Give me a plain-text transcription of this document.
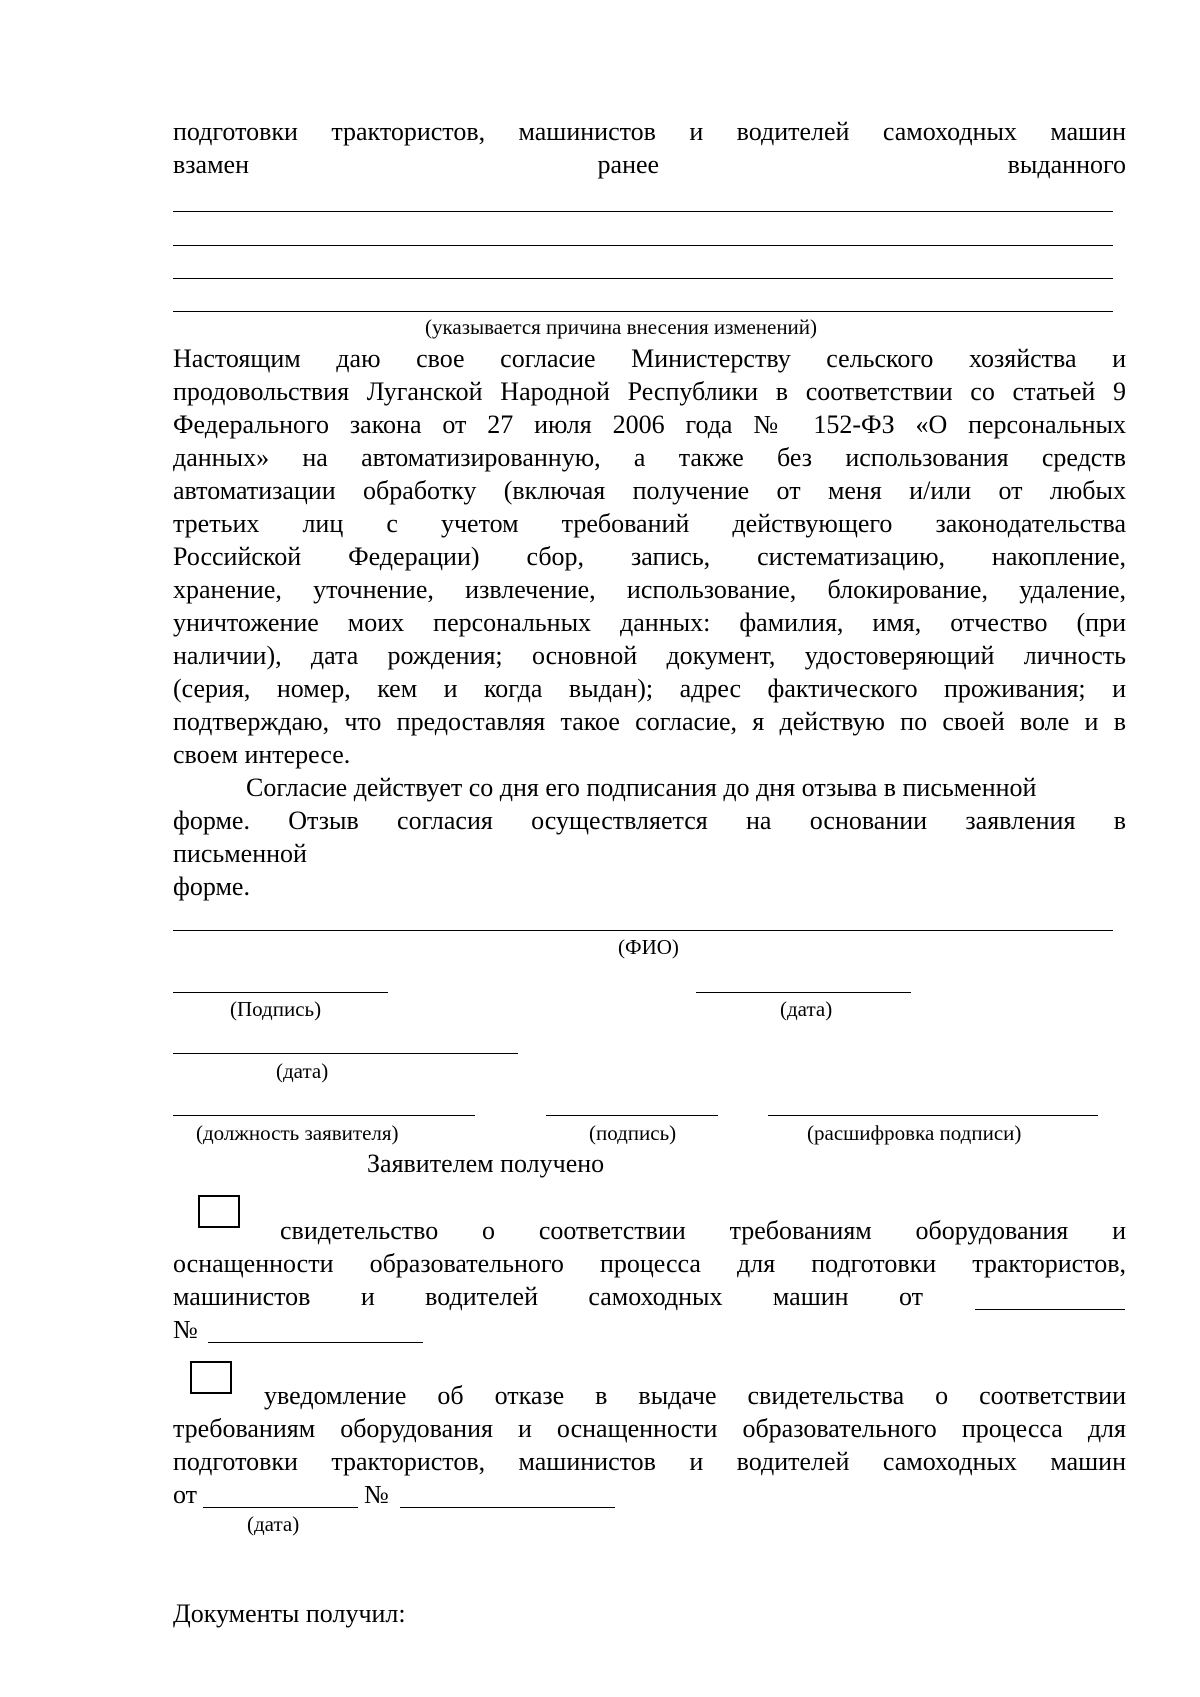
подготовки трактористов, машинистов и водителей самоходных машин
взамен ранее выданного
(указывается причина внесения изменений)
Настоящим даю свое согласие Министерству сельского хозяйства и
продовольствия Луганской Народной Республики в соответствии со статьей 9
Федерального закона от 27 июля 2006 года № 152-ФЗ «О персональных
данных» на автоматизированную, а также без использования средств
автоматизации обработку (включая получение от меня и/или от любых
третьих лиц с учетом требований действующего законодательства
Российской Федерации) сбор, запись, систематизацию, накопление,
хранение, уточнение, извлечение, использование, блокирование, удаление,
уничтожение моих персональных данных: фамилия, имя, отчество (при
наличии), дата рождения; основной документ, удостоверяющий личность
(серия, номер, кем и когда выдан); адрес фактического проживания; и
подтверждаю, что предоставляя такое согласие, я действую по своей воле и в
своем интересе.
Согласие действует со дня его подписания до дня отзыва в письменной
форме. Отзыв согласия осуществляется на основании заявления в
письменной
форме.
(ФИО)
(Подпись)	(дата)
(дата)
(должность заявителя)	(подпись)	(расшифровка подписи)
Заявителем получено
свидетельство о соответствии требованиям оборудования и
оснащенности образовательного процесса для подготовки трактористов,
машинистов и водителей самоходных машин от
№
уведомление об отказе в выдаче свидетельства о соответствии
требованиям оборудования и оснащенности образовательного процесса для
подготовки трактористов, машинистов и водителей самоходных машин
от	№
(дата)
Документы получил:
